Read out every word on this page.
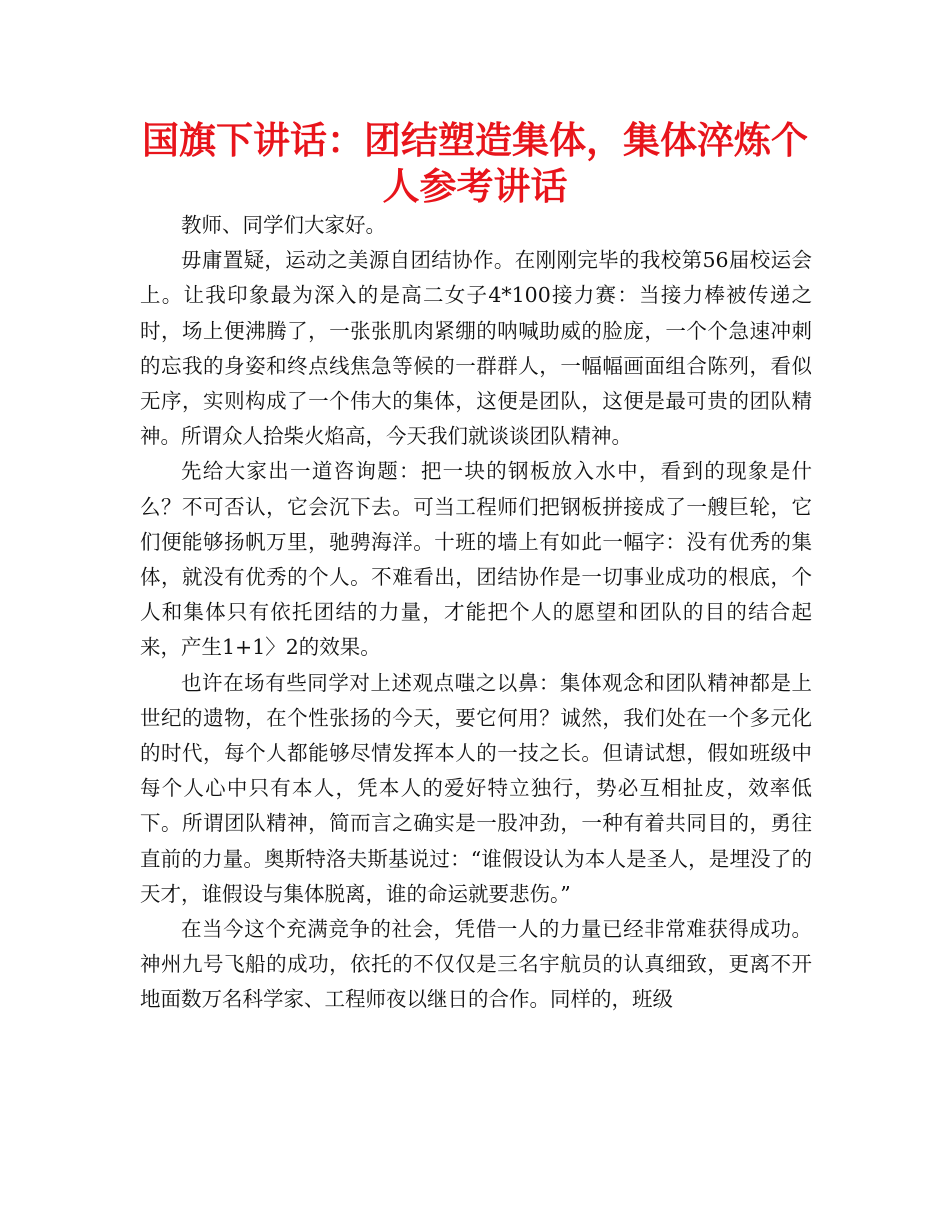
国旗下讲话：团结塑造集体，集体淬炼个人参考讲话

教师、同学们大家好。

毋庸置疑，运动之美源自团结协作。在刚刚完毕的我校第56届校运会上。让我印象最为深入的是高二女子4*100接力赛：当接力棒被传递之时，场上便沸腾了，一张张肌肉紧绷的呐喊助威的脸庞，一个个急速冲刺的忘我的身姿和终点线焦急等候的一群群人，一幅幅画面组合陈列，看似无序，实则构成了一个伟大的集体，这便是团队，这便是最可贵的团队精神。所谓众人拾柴火焰高，今天我们就谈谈团队精神。

先给大家出一道咨询题：把一块的钢板放入水中，看到的现象是什么？不可否认，它会沉下去。可当工程师们把钢板拼接成了一艘巨轮，它们便能够扬帆万里，驰骋海洋。十班的墙上有如此一幅字：没有优秀的集体，就没有优秀的个人。不难看出，团结协作是一切事业成功的根底，个人和集体只有依托团结的力量，才能把个人的愿望和团队的目的结合起来，产生1+1〉2的效果。

也许在场有些同学对上述观点嗤之以鼻：集体观念和团队精神都是上世纪的遗物，在个性张扬的今天，要它何用？诚然，我们处在一个多元化的时代，每个人都能够尽情发挥本人的一技之长。但请试想，假如班级中每个人心中只有本人，凭本人的爱好特立独行，势必互相扯皮，效率低下。所谓团队精神，简而言之确实是一股冲劲，一种有着共同目的，勇往直前的力量。奥斯特洛夫斯基说过：“谁假设认为本人是圣人，是埋没了的天才，谁假设与集体脱离，谁的命运就要悲伤。”

在当今这个充满竞争的社会，凭借一人的力量已经非常难获得成功。神州九号飞船的成功，依托的不仅仅是三名宇航员的认真细致，更离不开地面数万名科学家、工程师夜以继日的合作。同样的，班级
